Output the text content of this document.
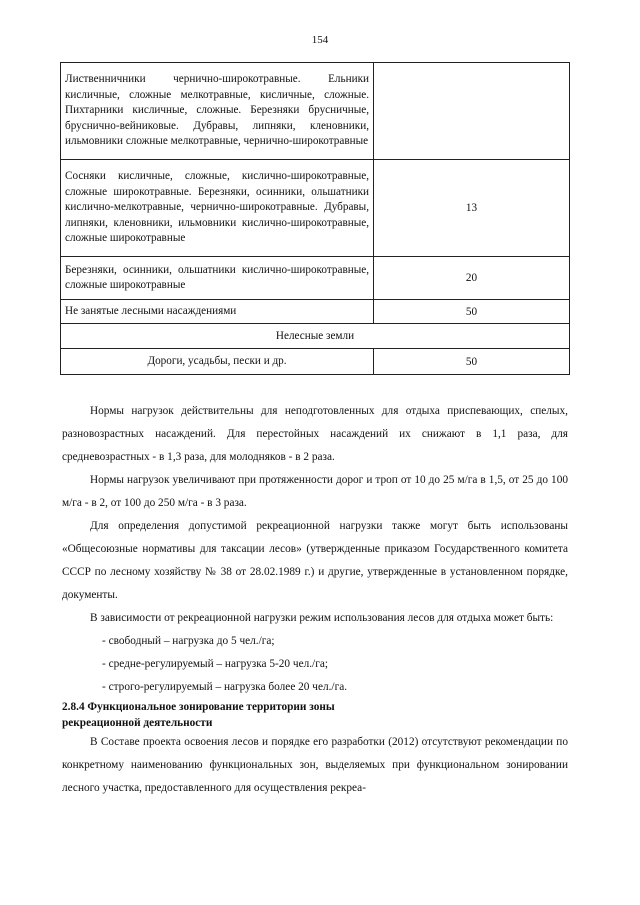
154
Лиственничники чернично-широкотравные. Ельники кисличные, сложные мелкотравные, кисличные, сложные. Пихтарники кисличные, сложные. Березняки брусничные, бруснично-вейниковые. Дубравы, липняки, кленовники, ильмовники сложные мелкотравные, чернично-широкотравные	
Сосняки кисличные, сложные, кислично-широкотравные, сложные широкотравные. Березняки, осинники, ольшатники кислично-мелкотравные, чернично-широкотравные. Дубравы, липняки, кленовники, ильмовники кислично-широкотравные, сложные широкотравные	13
Березняки, осинники, ольшатники кислично-широкотравные, сложные широкотравные	20
Не занятые лесными насаждениями	50
Нелесные земли	
Дороги, усадьбы, пески и др.	50

Нормы нагрузок действительны для неподготовленных для отдыха приспевающих, спелых, разновозрастных насаждений. Для перестойных насаждений их снижают в 1,1 раза, для средневозрастных - в 1,3 раза, для молодняков - в 2 раза.

Нормы нагрузок увеличивают при протяженности дорог и троп от 10 до 25 м/га в 1,5, от 25 до 100 м/га - в 2, от 100 до 250 м/га - в 3 раза.

Для определения допустимой рекреационной нагрузки также могут быть использованы «Общесоюзные нормативы для таксации лесов» (утвержденные приказом Государственного комитета СССР по лесному хозяйству № 38 от 28.02.1989 г.) и другие, утвержденные в установленном порядке, документы.

В зависимости от рекреационной нагрузки режим использования лесов для отдыха может быть:

- свободный – нагрузка до 5 чел./га;

- средне-регулируемый – нагрузка 5-20 чел./га;

- строго-регулируемый – нагрузка более 20 чел./га.

2.8.4 Функциональное зонирование территории зоны

рекреационной деятельности

В Составе проекта освоения лесов и порядке его разработки (2012) отсутствуют рекомендации по конкретному наименованию функциональных зон, выделяемых при функциональном зонировании лесного участка, предоставленного для осуществления рекреа-
